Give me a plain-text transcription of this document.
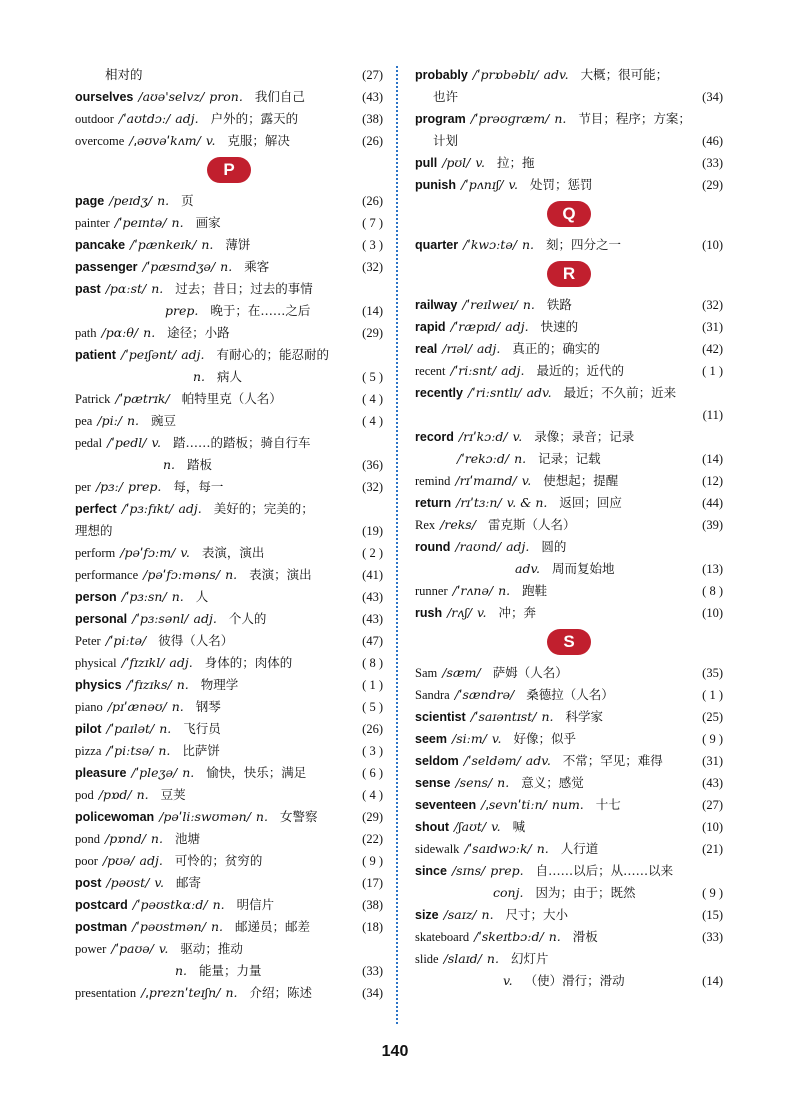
相对的	(27)
ourselves /aʊə'selvz/ pron. 我们自己	(43)
outdoor /ˈaʊtdɔː/ adj. 户外的；露天的	(38)
overcome /ˌəʊvəˈkʌm/ v. 克服；解决	(26)
P
page /peɪdʒ/ n. 页	(26)
painter /ˈpeɪntə/ n. 画家	( 7 )
pancake /ˈpænkeɪk/ n. 薄饼	( 3 )
passenger /ˈpæsɪndʒə/ n. 乘客	(32)
past /pɑːst/ n. 过去；昔日；过去的事情
prep. 晚于；在……之后	(14)
path /pɑːθ/ n. 途径；小路	(29)
patient /ˈpeɪʃənt/ adj. 有耐心的；能忍耐的
n. 病人	( 5 )
Patrick /ˈpætrɪk/ 帕特里克（人名）	( 4 )
pea /piː/ n. 豌豆	( 4 )
pedal /ˈpedl/ v. 踏……的踏板；骑自行车
n. 踏板	(36)
per /pɜː/ prep. 每，每一	(32)
perfect /ˈpɜːfɪkt/ adj. 美好的；完美的；
理想的	(19)
perform /pəˈfɔːm/ v. 表演，演出	( 2 )
performance /pəˈfɔːməns/ n. 表演；演出	(41)
person /ˈpɜːsn/ n. 人	(43)
personal /ˈpɜːsənl/ adj. 个人的	(43)
Peter /ˈpiːtə/ 彼得（人名）	(47)
physical /ˈfɪzɪkl/ adj. 身体的；肉体的	( 8 )
physics /ˈfɪzɪks/ n. 物理学	( 1 )
piano /pɪˈænəʊ/ n. 钢琴	( 5 )
pilot /ˈpaɪlət/ n. 飞行员	(26)
pizza /ˈpiːtsə/ n. 比萨饼	( 3 )
pleasure /ˈpleʒə/ n. 愉快，快乐；满足	( 6 )
pod /pɒd/ n. 豆荚	( 4 )
policewoman /pəˈliːswʊmən/ n. 女警察	(29)
pond /pɒnd/ n. 池塘	(22)
poor /pʊə/ adj. 可怜的；贫穷的	( 9 )
post /pəʊst/ v. 邮寄	(17)
postcard /ˈpəʊstkɑːd/ n. 明信片	(38)
postman /ˈpəʊstmən/ n. 邮递员；邮差	(18)
power /ˈpaʊə/ v. 驱动；推动
n. 能量；力量	(33)
presentation /ˌpreznˈteɪʃn/ n. 介绍；陈述	(34)
probably /ˈprɒbəblɪ/ adv. 大概；很可能；
也许	(34)
program /ˈprəʊɡræm/ n. 节目；程序；方案；
计划	(46)
pull /pʊl/ v. 拉；拖	(33)
punish /ˈpʌnɪʃ/ v. 处罚；惩罚	(29)
Q
quarter /ˈkwɔːtə/ n. 刻；四分之一	(10)
R
railway /ˈreɪlweɪ/ n. 铁路	(32)
rapid /ˈræpɪd/ adj. 快速的	(31)
real /rɪəl/ adj. 真正的；确实的	(42)
recent /ˈriːsnt/ adj. 最近的；近代的	( 1 )
recently /ˈriːsntlɪ/ adv. 最近；不久前；近来
(11)
record /rɪˈkɔːd/ v. 录像；录音；记录
/ˈrekɔːd/ n. 记录；记载	(14)
remind /rɪˈmaɪnd/ v. 使想起；提醒	(12)
return /rɪˈtɜːn/ v. & n. 返回；回应	(44)
Rex /reks/ 雷克斯（人名）	(39)
round /raʊnd/ adj. 圆的
adv. 周而复始地	(13)
runner /ˈrʌnə/ n. 跑鞋	( 8 )
rush /rʌʃ/ v. 冲；奔	(10)
S
Sam /sæm/ 萨姆（人名）	(35)
Sandra /ˈsændrə/ 桑德拉（人名）	( 1 )
scientist /ˈsaɪəntɪst/ n. 科学家	(25)
seem /siːm/ v. 好像；似乎	( 9 )
seldom /ˈseldəm/ adv. 不常；罕见；难得	(31)
sense /sens/ n. 意义；感觉	(43)
seventeen /ˌsevnˈtiːn/ num. 十七	(27)
shout /ʃaʊt/ v. 喊	(10)
sidewalk /ˈsaɪdwɔːk/ n. 人行道	(21)
since /sɪns/ prep. 自……以后；从……以来
conj. 因为；由于；既然	( 9 )
size /saɪz/ n. 尺寸；大小	(15)
skateboard /ˈskeɪtbɔːd/ n. 滑板	(33)
slide /slaɪd/ n. 幻灯片
v. （使）滑行；滑动	(14)
140
